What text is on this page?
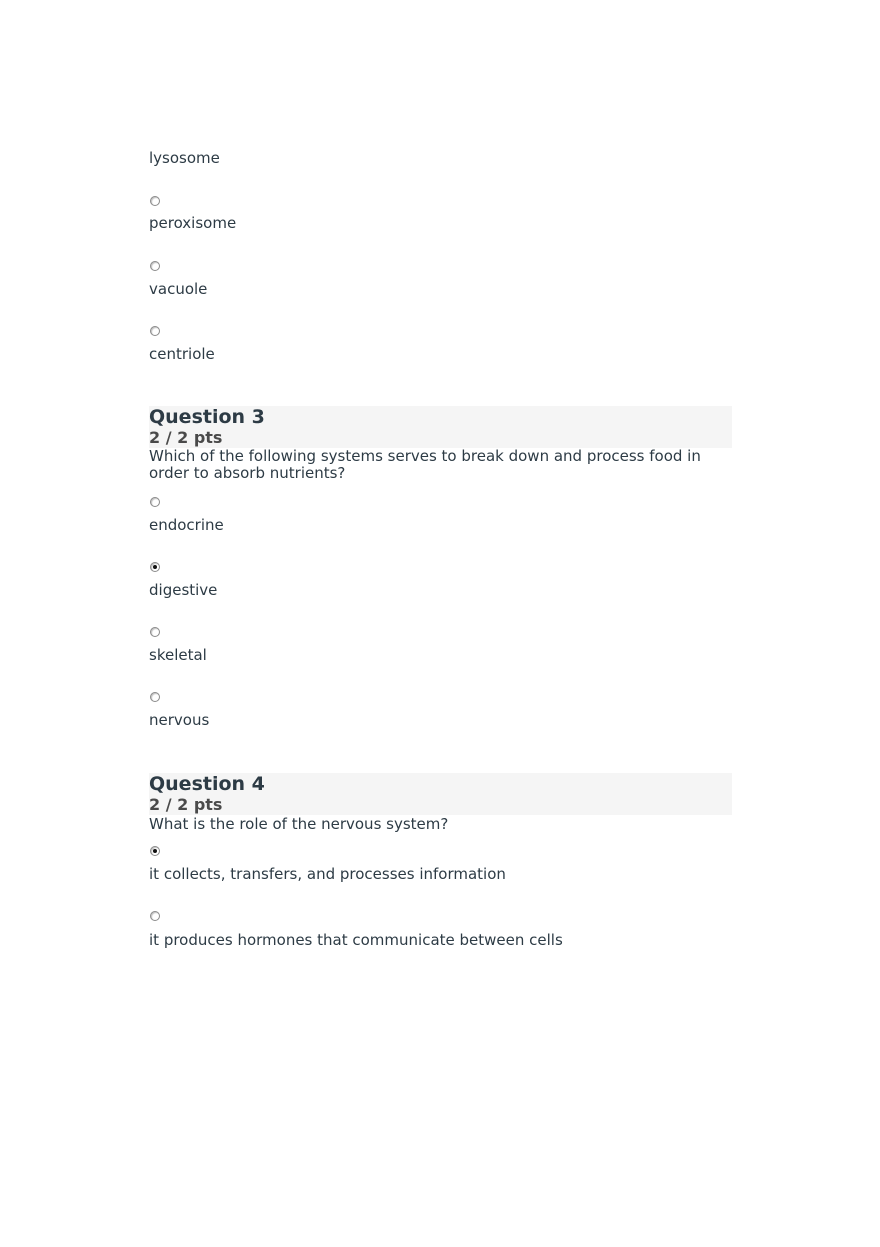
lysosome
peroxisome
vacuole
centriole
Question 3
2 / 2 pts
Which of the following systems serves to break down and process food in order to absorb nutrients?
endocrine
digestive
skeletal
nervous
Question 4
2 / 2 pts
What is the role of the nervous system?
it collects, transfers, and processes information
it produces hormones that communicate between cells
